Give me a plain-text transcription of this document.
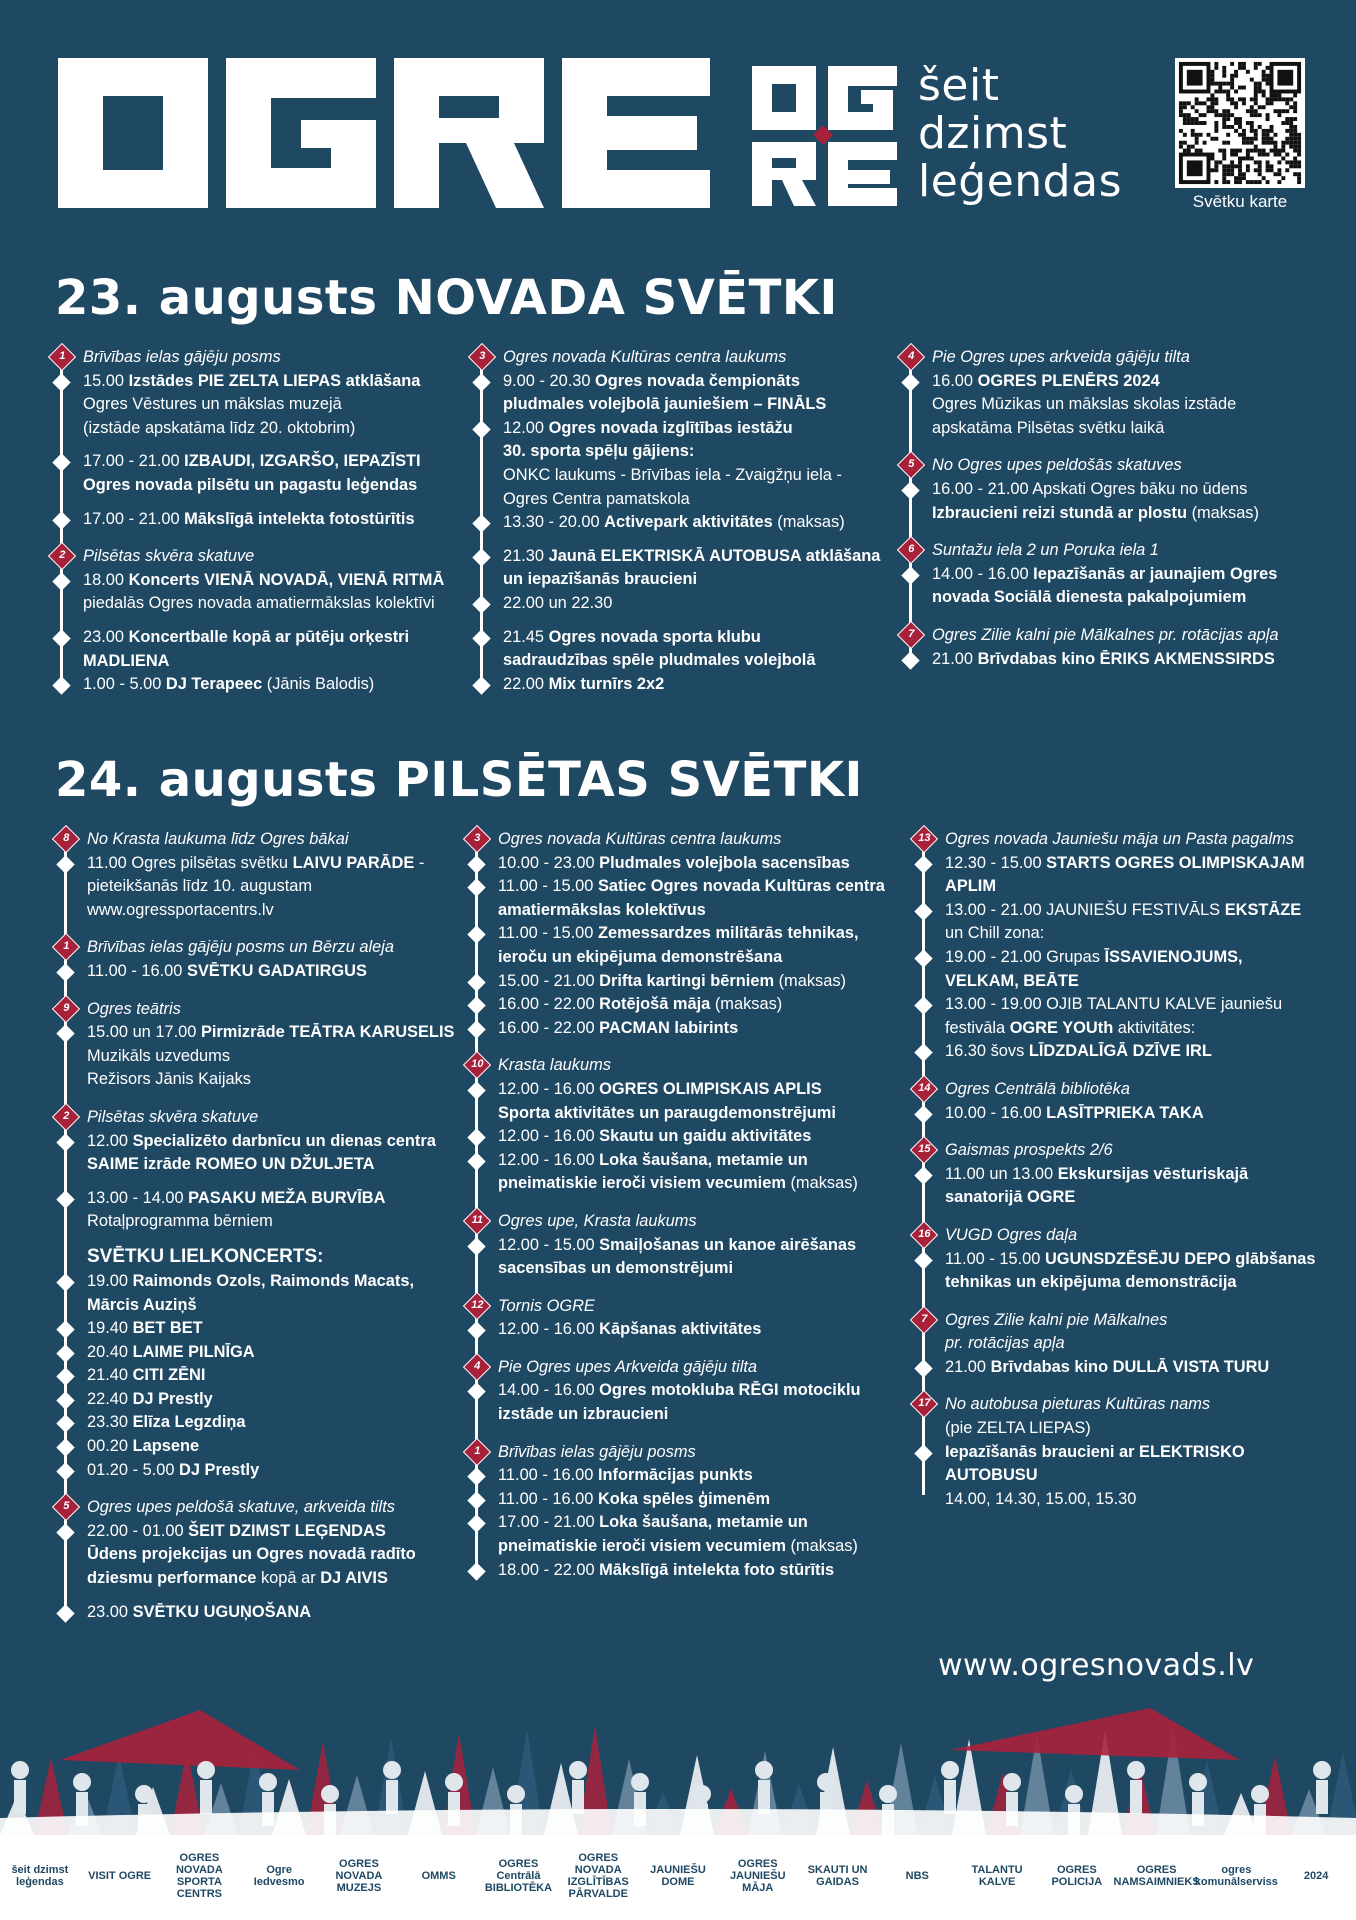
šeit
dzimst
leģendas	Svētku karte
23. augusts NOVADA SVĒTKI
1	Brīvības ielas gājēju posms
15.00 Izstādes PIE ZELTA LIEPAS atklāšana
Ogres Vēstures un mākslas muzejā
(izstāde apskatāma līdz 20. oktobrim)
17.00 - 21.00 IZBAUDI, IZGARŠO, IEPAZĪSTI
Ogres novada pilsētu un pagastu leģendas
17.00 - 21.00 Mākslīgā intelekta fotostūrītis
2	Pilsētas skvēra skatuve
18.00 Koncerts VIENĀ NOVADĀ, VIENĀ RITMĀ
piedalās Ogres novada amatiermākslas kolektīvi
23.00 Koncertballe kopā ar pūtēju orķestri
MADLIENA
1.00 - 5.00 DJ Terapeec (Jānis Balodis)
3	Ogres novada Kultūras centra laukums
9.00 - 20.30 Ogres novada čempionāts
pludmales volejbolā jauniešiem – FINĀLS
12.00 Ogres novada izglītības iestāžu
30. sporta spēļu gājiens:
ONKC laukums - Brīvības iela - Zvaigžņu iela -
Ogres Centra pamatskola
13.30 - 20.00 Activepark aktivitātes (maksas)
21.30 Jaunā ELEKTRISKĀ AUTOBUSA atklāšana
un iepazīšanās braucieni
22.00 un 22.30
21.45 Ogres novada sporta klubu
sadraudzības spēle pludmales volejbolā
22.00 Mix turnīrs 2x2
4	Pie Ogres upes arkveida gājēju tilta
16.00 OGRES PLENĒRS 2024
Ogres Mūzikas un mākslas skolas izstāde
apskatāma Pilsētas svētku laikā
5	No Ogres upes peldošās skatuves
16.00 - 21.00 Apskati Ogres bāku no ūdens
Izbraucieni reizi stundā ar plostu (maksas)
6	Suntažu iela 2 un Poruka iela 1
14.00 - 16.00 Iepazīšanās ar jaunajiem Ogres
novada Sociālā dienesta pakalpojumiem
7	Ogres Zilie kalni pie Mālkalnes pr. rotācijas apļa
21.00 Brīvdabas kino ĒRIKS AKMENSSIRDS
24. augusts PILSĒTAS SVĒTKI
8	No Krasta laukuma līdz Ogres bākai
11.00 Ogres pilsētas svētku LAIVU PARĀDE -
pieteikšanās līdz 10. augustam
www.ogressportacentrs.lv
1	Brīvības ielas gājēju posms un Bērzu aleja
11.00 - 16.00 SVĒTKU GADATIRGUS
9	Ogres teātris
15.00 un 17.00 Pirmizrāde TEĀTRA KARUSELIS
Muzikāls uzvedums
Režisors Jānis Kaijaks
2	Pilsētas skvēra skatuve
12.00 Specializēto darbnīcu un dienas centra
SAIME izrāde ROMEO UN DŽULJETA
13.00 - 14.00 PASAKU MEŽA BURVĪBA
Rotaļprogramma bērniem
SVĒTKU LIELKONCERTS:
19.00 Raimonds Ozols, Raimonds Macats,
Mārcis Auziņš
19.40 BET BET
20.40 LAIME PILNĪGA
21.40 CITI ZĒNI
22.40 DJ Prestly
23.30 Elīza Legzdiņa
00.20 Lapsene
01.20 - 5.00 DJ Prestly
5	Ogres upes peldošā skatuve, arkveida tilts
22.00 - 01.00 ŠEIT DZIMST LEĢENDAS
Ūdens projekcijas un Ogres novadā radīto
dziesmu performance kopā ar DJ AIVIS
23.00 SVĒTKU UGUŅOŠANA
3	Ogres novada Kultūras centra laukums
10.00 - 23.00 Pludmales volejbola sacensības
11.00 - 15.00 Satiec Ogres novada Kultūras centra
amatiermākslas kolektīvus
11.00 - 15.00 Zemessardzes militārās tehnikas,
ieroču un ekipējuma demonstrēšana
15.00 - 21.00 Drifta kartingi bērniem (maksas)
16.00 - 22.00 Rotējošā māja (maksas)
16.00 - 22.00 PACMAN labirints
10 Krasta laukums
12.00 - 16.00 OGRES OLIMPISKAIS APLIS
Sporta aktivitātes un paraugdemonstrējumi
12.00 - 16.00 Skautu un gaidu aktivitātes
12.00 - 16.00 Loka šaušana, metamie un
pneimatiskie ieroči visiem vecumiem (maksas)
11 Ogres upe, Krasta laukums
12.00 - 15.00 Smaiļošanas un kanoe airēšanas
sacensības un demonstrējumi
12 Tornis OGRE
12.00 - 16.00 Kāpšanas aktivitātes
4	Pie Ogres upes Arkveida gājēju tilta
14.00 - 16.00 Ogres motokluba RĒGI motociklu
izstāde un izbraucieni
1	Brīvības ielas gājēju posms
11.00 - 16.00 Informācijas punkts
11.00 - 16.00 Koka spēles ģimenēm
17.00 - 21.00 Loka šaušana, metamie un
pneimatiskie ieroči visiem vecumiem (maksas)
18.00 - 22.00 Mākslīgā intelekta foto stūrītis
13 Ogres novada Jauniešu māja un Pasta pagalms
12.30 - 15.00 STARTS OGRES OLIMPISKAJAM
APLIM
13.00 - 21.00 JAUNIEŠU FESTIVĀLS EKSTĀZE
un Chill zona:
19.00 - 21.00 Grupas ĪSSAVIENOJUMS,
VELKAM, BEĀTE
13.00 - 19.00 OJIB TALANTU KALVE jauniešu
festivāla OGRE YOUth aktivitātes:
16.30 šovs LĪDZDALĪGĀ DZĪVE IRL
14 Ogres Centrālā bibliotēka
10.00 - 16.00 LASĪTPRIEKA TAKA
15 Gaismas prospekts 2/6
11.00 un 13.00 Ekskursijas vēsturiskajā
sanatorijā OGRE
16 VUGD Ogres daļa
11.00 - 15.00 UGUNSDZĒSĒJU DEPO glābšanas
tehnikas un ekipējuma demonstrācija
7	Ogres Zilie kalni pie Mālkalnes
pr. rotācijas apļa
21.00 Brīvdabas kino DULLĀ VISTA TURU
17 No autobusa pieturas Kultūras nams
(pie ZELTA LIEPAS)
Iepazīšanās braucieni ar ELEKTRISKO
AUTOBUSU
14.00, 14.30, 15.00, 15.30
www.ogresnovads.lv
šeit dzimst leģendas	VISIT OGRE
OGRES NOVADA SPORTA CENTRS
Ogre Iedvesmo
OGRES NOVADA MUZEJS
OMMS
OGRES Centrālā BIBLIOTĒKA
OGRES NOVADA IZGLĪTĪBAS PĀRVALDE
JAUNIEŠU DOME
OGRES JAUNIEŠU MĀJA
SKAUTI UN GAIDAS	NBS	TALANTU KALVE
OGRES POLICIJA
OGRES NAMSAIMNIEKS
ogres komunālserviss	2024
